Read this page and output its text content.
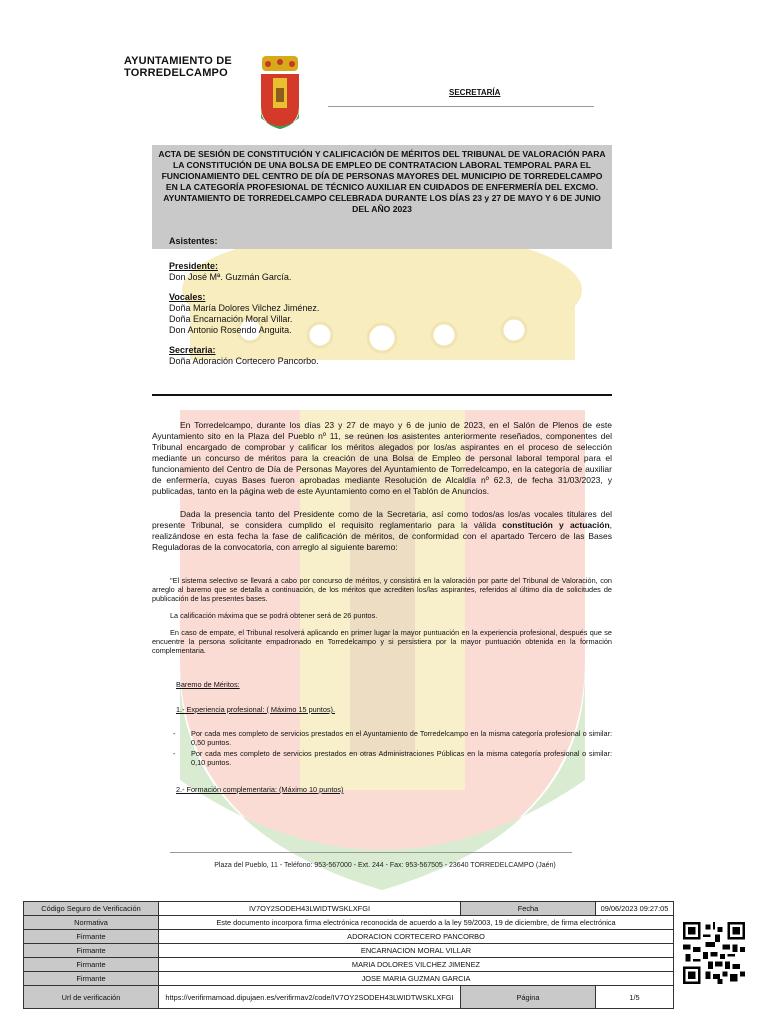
AYUNTAMIENTO DE
TORREDELCAMPO
SECRETARÍA

ACTA DE SESIÓN DE CONSTITUCIÓN Y CALIFICACIÓN DE MÉRITOS DEL TRIBUNAL DE VALORACIÓN PARA LA CONSTITUCIÓN DE UNA BOLSA DE EMPLEO DE CONTRATACION LABORAL TEMPORAL PARA EL FUNCIONAMIENTO DEL CENTRO DE DÍA DE PERSONAS MAYORES DEL MUNICIPIO DE TORREDELCAMPO EN LA CATEGORÍA PROFESIONAL DE TÉCNICO AUXILIAR EN CUIDADOS DE ENFERMERÍA DEL EXCMO. AYUNTAMIENTO DE TORREDELCAMPO CELEBRADA DURANTE LOS DÍAS 23 y 27 DE MAYO Y 6 DE JUNIO DEL AÑO 2023

Asistentes:
Presidente:
Don José Mª. Guzmán García.
Vocales:
Doña María Dolores Vilchez Jiménez.
Doña Encarnación Moral Villar.
Don Antonio Rosendo Anguita.
Secretaria:
Doña Adoración Cortecero Pancorbo.

En Torredelcampo, durante los días 23 y 27 de mayo y 6 de junio de 2023, en el Salón de Plenos de este Ayuntamiento sito en la Plaza del Pueblo nº 11, se reúnen los asistentes anteriormente reseñados, componentes del Tribunal encargado de comprobar y calificar los méritos alegados por los/as aspirantes en el proceso de selección mediante un concurso de méritos para la creación de una Bolsa de Empleo de personal laboral temporal para el funcionamiento del Centro de Día de Personas Mayores del Ayuntamiento de Torredelcampo, en la categoría de auxiliar de enfermería, cuyas Bases fueron aprobadas mediante Resolución de Alcaldía nº 62.3, de fecha 31/03/2023, y publicadas, tanto en la página web de este Ayuntamiento como en el Tablón de Anuncios.

Dada la presencia tanto del Presidente como de la Secretaria, así como todos/as los/as vocales titulares del presente Tribunal, se considera cumplido el requisito reglamentario para la válida constitución y actuación, realizándose en esta fecha la fase de calificación de méritos, de conformidad con el apartado Tercero de las Bases Reguladoras de la convocatoria, con arreglo al siguiente baremo:

"El sistema selectivo se llevará a cabo por concurso de méritos, y consistirá en la valoración por parte del Tribunal de Valoración, con arreglo al baremo que se detalla a continuación, de los méritos que acrediten los/las aspirantes, referidos al último día de solicitudes de publicación de las presentes bases.

La calificación máxima que se podrá obtener será de 26 puntos.

En caso de empate, el Tribunal resolverá aplicando en primer lugar la mayor puntuación en la experiencia profesional, después que se encuentre la persona solicitante empadronado en Torredelcampo y si persistiera por la mayor puntuación obtenida en la formación complementaria.

Baremo de Méritos:
1.- Experiencia profesional: ( Máximo 15 puntos).
- Por cada mes completo de servicios prestados en el Ayuntamiento de Torredelcampo en la misma categoría profesional o similar: 0,50 puntos.
- Por cada mes completo de servicios prestados en otras Administraciones Públicas en la misma categoría profesional o similar: 0,10 puntos.
2.- Formación complementaria: (Máximo 10 puntos)
Plaza del Pueblo, 11 - Teléfono: 953-567000 - Ext. 244 - Fax: 953-567505 - 23640 TORREDELCAMPO (Jaén)
Código Seguro de Verificación	IV7OY2SODEH43LWIDTWSKLXFGI	Fecha	09/06/2023 09:27:05
Normativa	Este documento incorpora firma electrónica reconocida de acuerdo a la ley 59/2003, 19 de diciembre, de firma electrónica		
Firmante	ADORACION CORTECERO PANCORBO		
Firmante	ENCARNACION MORAL VILLAR		
Firmante	MARIA DOLORES VILCHEZ JIMENEZ		
Firmante	JOSE MARIA GUZMAN GARCIA		
Url de verificación	https://verifirmamoad.dipujaen.es/verifirmav2/code/IV7OY2SODEH43LWIDTWSKLXFGI	Página	1/5
